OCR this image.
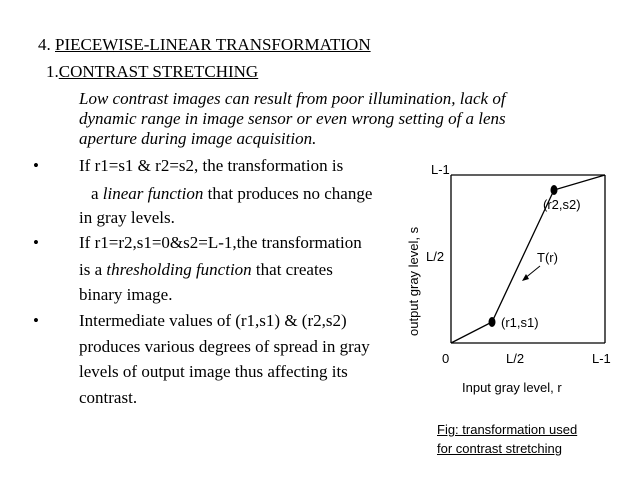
4. PIECEWISE-LINEAR TRANSFORMATION
1.CONTRAST STRETCHING
Low contrast images can result from poor illumination, lack of
dynamic range in image sensor or even wrong setting of a lens
aperture during image acquisition.
• If r1=s1 & r2=s2, the transformation is
a linear function that produces no change
in gray levels.
• If r1=r2,s1=0&s2=L-1,the transformation
is a thresholding function that creates
binary image.
• Intermediate values of (r1,s1) & (r2,s2)
produces various degrees of spread in gray
levels of output image thus affecting its
contrast.
L-1
L/2
0	L/2	L-1
(r2,s2)
(r1,s1)
T(r)
Input gray level, r
output gray level, s
Fig: transformation used
for contrast stretching
